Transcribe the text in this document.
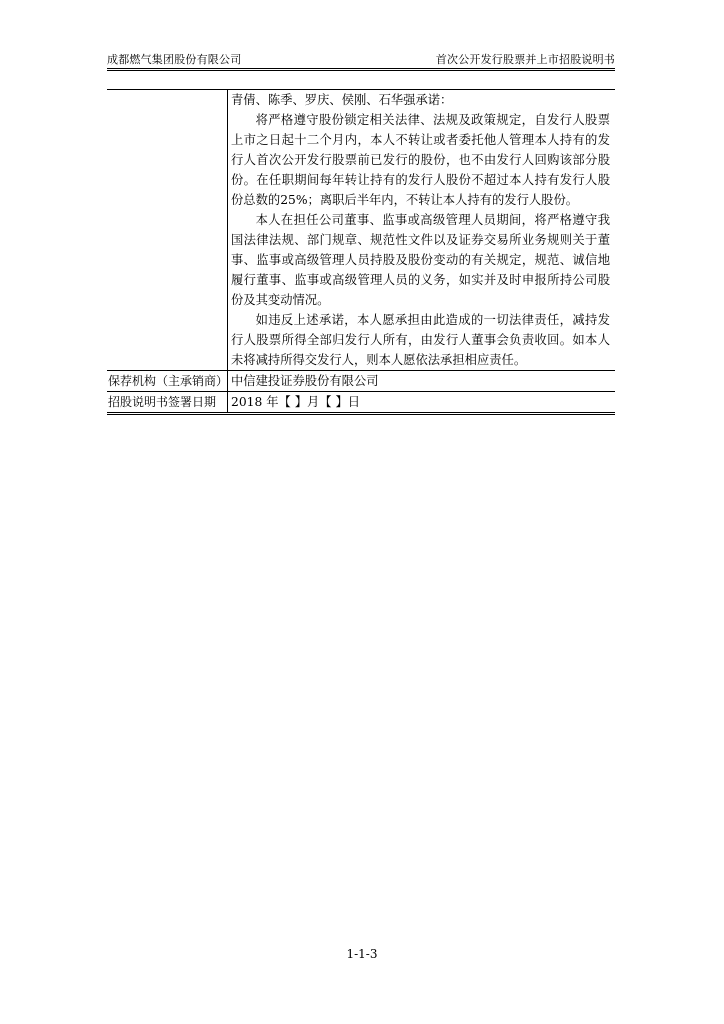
成都燃气集团股份有限公司	首次公开发行股票并上市招股说明书

青倩、陈季、罗庆、侯刚、石华强承诺：

将严格遵守股份锁定相关法律、法规及政策规定，自发行人股票上市之日起十二个月内，本人不转让或者委托他人管理本人持有的发行人首次公开发行股票前已发行的股份，也不由发行人回购该部分股份。在任职期间每年转让持有的发行人股份不超过本人持有发行人股份总数的25%；离职后半年内，不转让本人持有的发行人股份。

本人在担任公司董事、监事或高级管理人员期间，将严格遵守我国法律法规、部门规章、规范性文件以及证券交易所业务规则关于董事、监事或高级管理人员持股及股份变动的有关规定，规范、诚信地履行董事、监事或高级管理人员的义务，如实并及时申报所持公司股份及其变动情况。

如违反上述承诺，本人愿承担由此造成的一切法律责任，减持发行人股票所得全部归发行人所有，由发行人董事会负责收回。如本人未将减持所得交发行人，则本人愿依法承担相应责任。

保荐机构（主承销商） 中信建投证券股份有限公司
招股说明书签署日期	2018 年【 】月【 】日
1-1-3
